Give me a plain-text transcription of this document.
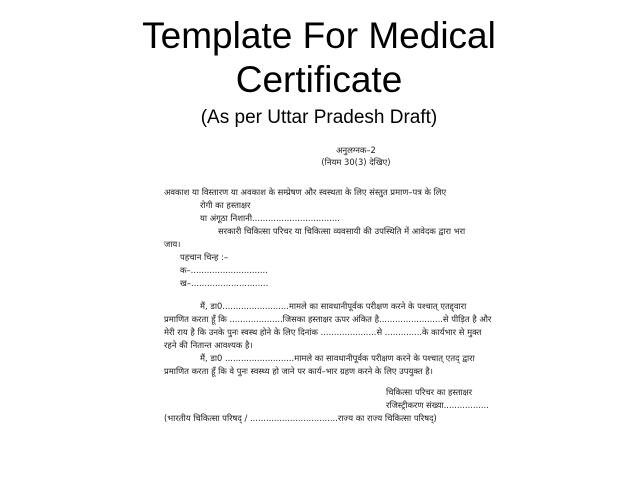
Template For Medical
Certificate
(As per Uttar Pradesh Draft)
अनुलग्नक–2
(नियम 30(3) देखिए)
अवकाश या विस्तारण या अवकाश के सम्प्रेषण और स्वस्थता के लिए संस्तुत प्रमाण–पत्र के लिए
रोगी का हस्ताक्षर
या अंगूठा निशानी.................................
सरकारी चिकित्सा परिचर या चिकित्सा व्यवसायी की उपस्थिति में आवेदक द्वारा भरा
जाय।
पहचान चिन्ह :–
क–.............................
ख–.............................
मैं, डा0.........................मामले का सावधानीपूर्वक परीक्षण करने के पश्चात् एतद्द्वारा
प्रमाणित करता हूँ कि ....................जिसका हस्ताक्षर ऊपर अंकित है........................से पीड़ित है और
मेरी राय है कि उनके पुनः स्वस्थ होने के लिए दिनांक .....................से ..............के कार्यभार से मुक्त
रहने की नितान्त आवश्यक है।
मैं, डा0 ..........................मामले का सावधानीपूर्वक परीक्षण करने के पश्चात् एतद् द्वारा
प्रमाणित करता हूँ कि वे पुनः स्वस्थ्य हो जाने पर कार्य–भार ग्रहण करने के लिए उपयुक्त है।
चिकित्सा परिचर का हस्ताक्षर
रजिस्ट्रीकरण संख्या.................
(भारतीय चिकित्सा परिषद् / .................................राज्य का राज्य चिकित्सा परिषद्)
